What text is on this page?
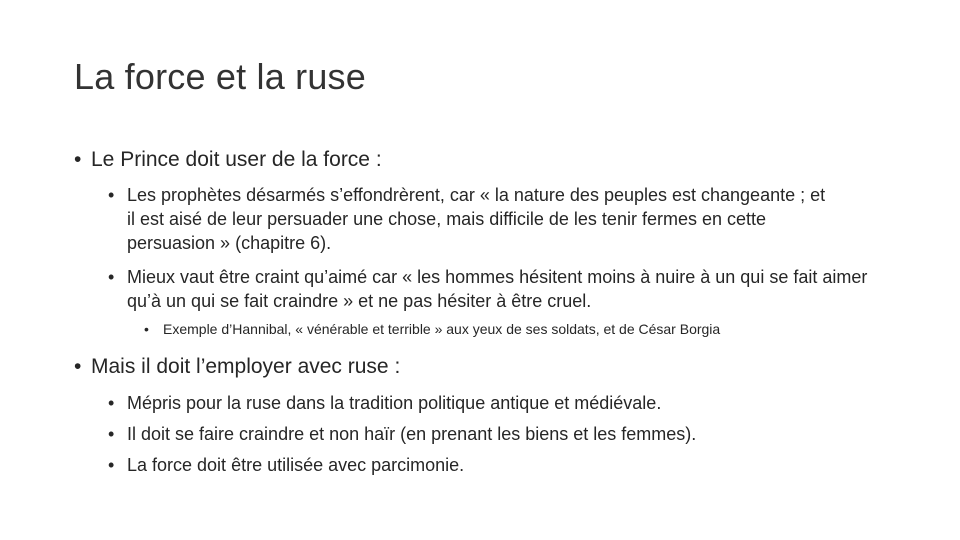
La force et la ruse
• Le Prince doit user de la force :
• Les prophètes désarmés s’effondrèrent, car « la nature des peuples est changeante ; et il est aisé de leur persuader une chose, mais difficile de les tenir fermes en cette persuasion » (chapitre 6).
• Mieux vaut être craint qu’aimé car « les hommes hésitent moins à nuire à un qui se fait aimer qu’à un qui se fait craindre » et ne pas hésiter à être cruel.
• Exemple d’Hannibal, « vénérable et terrible » aux yeux de ses soldats, et de César Borgia
• Mais il doit l’employer avec ruse :
• Mépris pour la ruse dans la tradition politique antique et médiévale.
• Il doit se faire craindre et non haïr (en prenant les biens et les femmes).
• La force doit être utilisée avec parcimonie.
